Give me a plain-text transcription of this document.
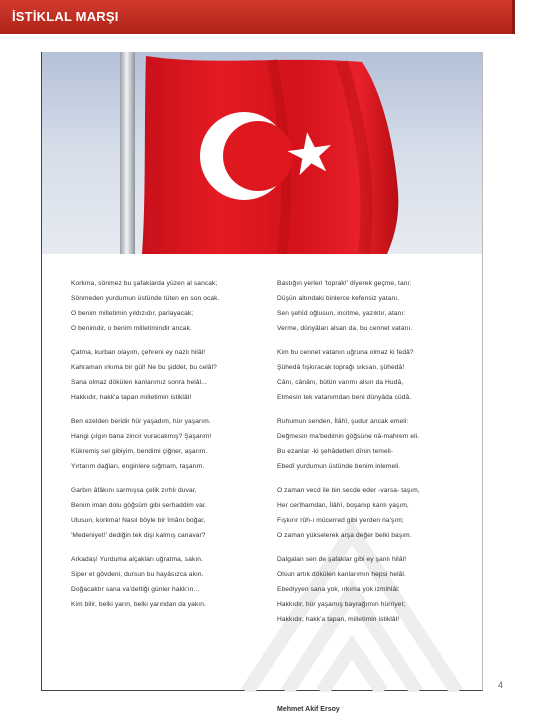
İSTİKLAL MARŞI
Korkma, sönmez bu şafaklarda yüzen al sancak;
Sönmeden yurdumun üstünde tüten en son ocak.
O benim milletimin yıldızıdır, parlayacak;
O benimdir, o benim milletimindir ancak.
Çatma, kurban olayım, çehreni ey nazlı hilâl!
Kahraman ırkıma bir gül! Ne bu şiddet, bu celâl?
Sana olmaz dökülen kanlarımız sonra helâl...
Hakkıdır, hakk'a tapan milletimin istiklâl!
Ben ezelden beridir hür yaşadım, hür yaşarım.
Hangi çılgın bana zincir vuracakmış? Şaşarım!
Kükremiş sel gibiyim, bendimi çiğner, aşarım.
Yırtarım dağları, enginlere sığmam, taşarım.
Garbın âfâkını sarmışsa çelik zırhlı duvar,
Benim iman dolu göğsüm gibi serhaddim var.
Ulusun, korkma! Nasıl böyle bir îmânı boğar,
'Medeniyet!' dediğin tek dişi kalmış canavar?
Arkadaş! Yurduma alçakları uğratma, sakın.
Siper et gövdeni, dursun bu hayâsızca akın.
Doğacaktır sana va'dettiği günler hakk'ın...
Kim bilir, belki yarın, belki yarından da yakın.
Bastığın yerleri 'toprak!' diyerek geçme, tanı:
Düşün altındaki binlerce kefensiz yatanı.
Sen şehîd oğlusun, incitme, yazıktır, atanı:
Verme, dünyâları alsan da, bu cennet vatanı.
Kim bu cennet vatanın uğruna olmaz ki fedâ?
Şühedâ fışkıracak toprağı sıksan, şühedâ!
Cânı, cânânı, bütün varımı alsın da Hudâ,
Etmesin tek vatanımdan beni dünyâda cüdâ.
Ruhumun senden, İlâhî, şudur ancak emeli:
Değmesin ma'bedimin göğsüne nâ-mahrem eli.
Bu ezanlar -ki şehâdetleri dînin temeli-
Ebedî yurdumun üstünde benim inlemeli.
O zaman vecd ile bin secde eder -varsa- taşım,
Her cerîhamdan, İlâhî, boşanıp kanlı yaşım,
Fışkırır rûh-ı mücerred gibi yerden na'şım;
O zaman yükselerek arşa değer belki başım.
Dalgalan sen de şafaklar gibi ey şanlı hilâl!
Olsun artık dökülen kanlarımın hepsi helâl.
Ebediyyen sana yok, ırkıma yok izmihlâl:
Hakkıdır, hür yaşamış bayrağımın hürriyet;
Hakkıdır, hakk'a tapan, milletimin istiklâl!
Mehmet Akif Ersoy
4
